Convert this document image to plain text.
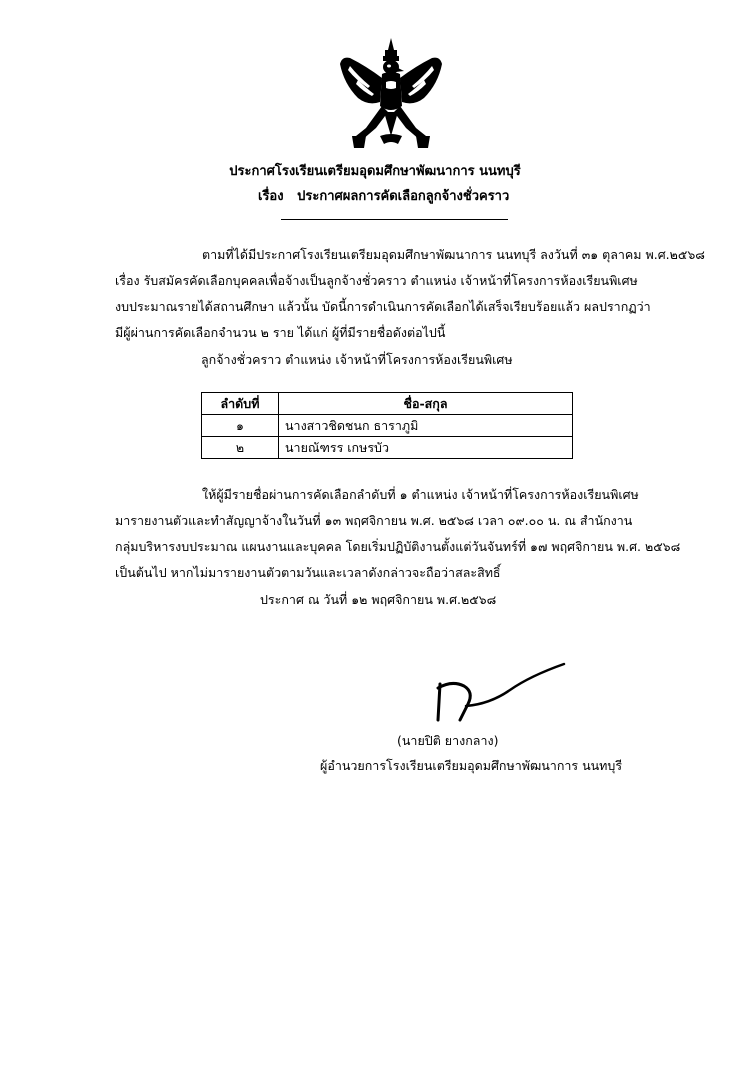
ประกาศโรงเรียนเตรียมอุดมศึกษาพัฒนาการ นนทบุรี
เรื่อง ประกาศผลการคัดเลือกลูกจ้างชั่วคราว
ตามที่ได้มีประกาศโรงเรียนเตรียมอุดมศึกษาพัฒนาการ นนทบุรี ลงวันที่ ๓๑ ตุลาคม พ.ศ.๒๕๖๘
เรื่อง รับสมัครคัดเลือกบุคคลเพื่อจ้างเป็นลูกจ้างชั่วคราว ตำแหน่ง เจ้าหน้าที่โครงการห้องเรียนพิเศษ
งบประมาณรายได้สถานศึกษา แล้วนั้น บัดนี้การดำเนินการคัดเลือกได้เสร็จเรียบร้อยแล้ว ผลปรากฏว่า
มีผู้ผ่านการคัดเลือกจำนวน ๒ ราย ได้แก่ ผู้ที่มีรายชื่อดังต่อไปนี้
ลูกจ้างชั่วคราว ตำแหน่ง เจ้าหน้าที่โครงการห้องเรียนพิเศษ
ลำดับที่	ชื่อ-สกุล
๑	นางสาวชิดชนก ธาราภูมิ
๒	นายณัฑรร เกษรบัว
ให้ผู้มีรายชื่อผ่านการคัดเลือกลำดับที่ ๑ ตำแหน่ง เจ้าหน้าที่โครงการห้องเรียนพิเศษ
มารายงานตัวและทำสัญญาจ้างในวันที่ ๑๓ พฤศจิกายน พ.ศ. ๒๕๖๘ เวลา ๐๙.๐๐ น. ณ สำนักงาน
กลุ่มบริหารงบประมาณ แผนงานและบุคคล โดยเริ่มปฏิบัติงานตั้งแต่วันจันทร์ที่ ๑๗ พฤศจิกายน พ.ศ. ๒๕๖๘
เป็นต้นไป หากไม่มารายงานตัวตามวันและเวลาดังกล่าวจะถือว่าสละสิทธิ์
ประกาศ ณ วันที่ ๑๒ พฤศจิกายน พ.ศ.๒๕๖๘
(นายปิติ ยางกลาง)
ผู้อำนวยการโรงเรียนเตรียมอุดมศึกษาพัฒนาการ นนทบุรี
